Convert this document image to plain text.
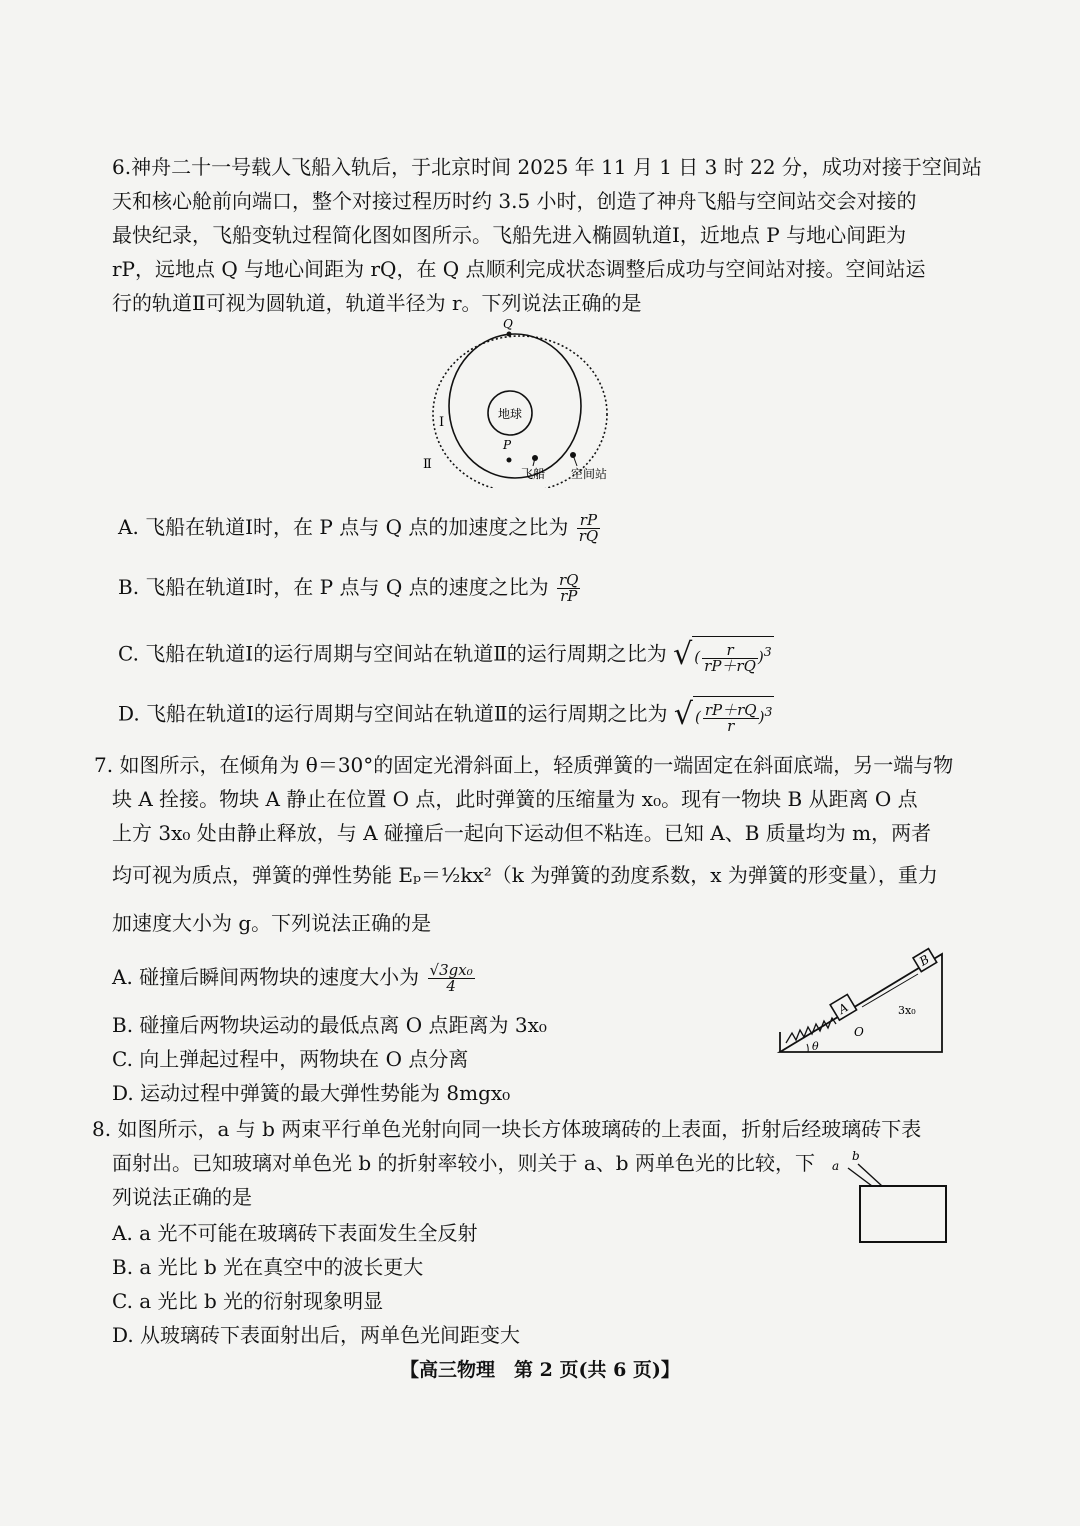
6.神舟二十一号载人飞船入轨后，于北京时间 2025 年 11 月 1 日 3 时 22 分，成功对接于空间站
天和核心舱前向端口，整个对接过程历时约 3.5 小时，创造了神舟飞船与空间站交会对接的
最快纪录，飞船变轨过程简化图如图所示。飞船先进入椭圆轨道Ⅰ，近地点 P 与地心间距为
rP，远地点 Q 与地心间距为 rQ，在 Q 点顺利完成状态调整后成功与空间站对接。空间站运
行的轨道Ⅱ可视为圆轨道，轨道半径为 r。下列说法正确的是
地球
Q
P
Ⅰ
Ⅱ
飞船 空间站
A. 飞船在轨道Ⅰ时，在 P 点与 Q 点的加速度之比为 $\frac{rP}{rQ}$
B. 飞船在轨道Ⅰ时，在 P 点与 Q 点的速度之比为 $\frac{rQ}{rP}$
C. 飞船在轨道Ⅰ的运行周期与空间站在轨道Ⅱ的运行周期之比为 √ ( $\frac{r}{rP+rQ} )^3$
D. 飞船在轨道Ⅰ的运行周期与空间站在轨道Ⅱ的运行周期之比为 √ ( $\frac{rP+rQ}{r} )^3$
7. 如图所示，在倾角为 θ＝30°的固定光滑斜面上，轻质弹簧的一端固定在斜面底端，另一端与物
块 A 拴接。物块 A 静止在位置 O 点，此时弹簧的压缩量为 x₀。现有一物块 B 从距离 O 点
上方 3x₀ 处由静止释放，与 A 碰撞后一起向下运动但不粘连。已知 A、B 质量均为 m，两者
均可视为质点，弹簧的弹性势能 Eₚ＝½kx²（k 为弹簧的劲度系数，x 为弹簧的形变量），重力
加速度大小为 g。下列说法正确的是
A. 碰撞后瞬间两物块的速度大小为 $\frac{\text{√3gx₀}}{4}$
B. 碰撞后两物块运动的最低点离 O 点距离为 3x₀
C. 向上弹起过程中，两物块在 O 点分离
D. 运动过程中弹簧的最大弹性势能为 8mgx₀
A
B
O
3x₀
θ
8. 如图所示，a 与 b 两束平行单色光射向同一块长方体玻璃砖的上表面，折射后经玻璃砖下表
面射出。已知玻璃对单色光 b 的折射率较小，则关于 a、b 两单色光的比较，下
列说法正确的是
A. a 光不可能在玻璃砖下表面发生全反射
B. a 光比 b 光在真空中的波长更大
C. a 光比 b 光的衍射现象明显
D. 从玻璃砖下表面射出后，两单色光间距变大
a
b
【高三物理　第 2 页(共 6 页)】
